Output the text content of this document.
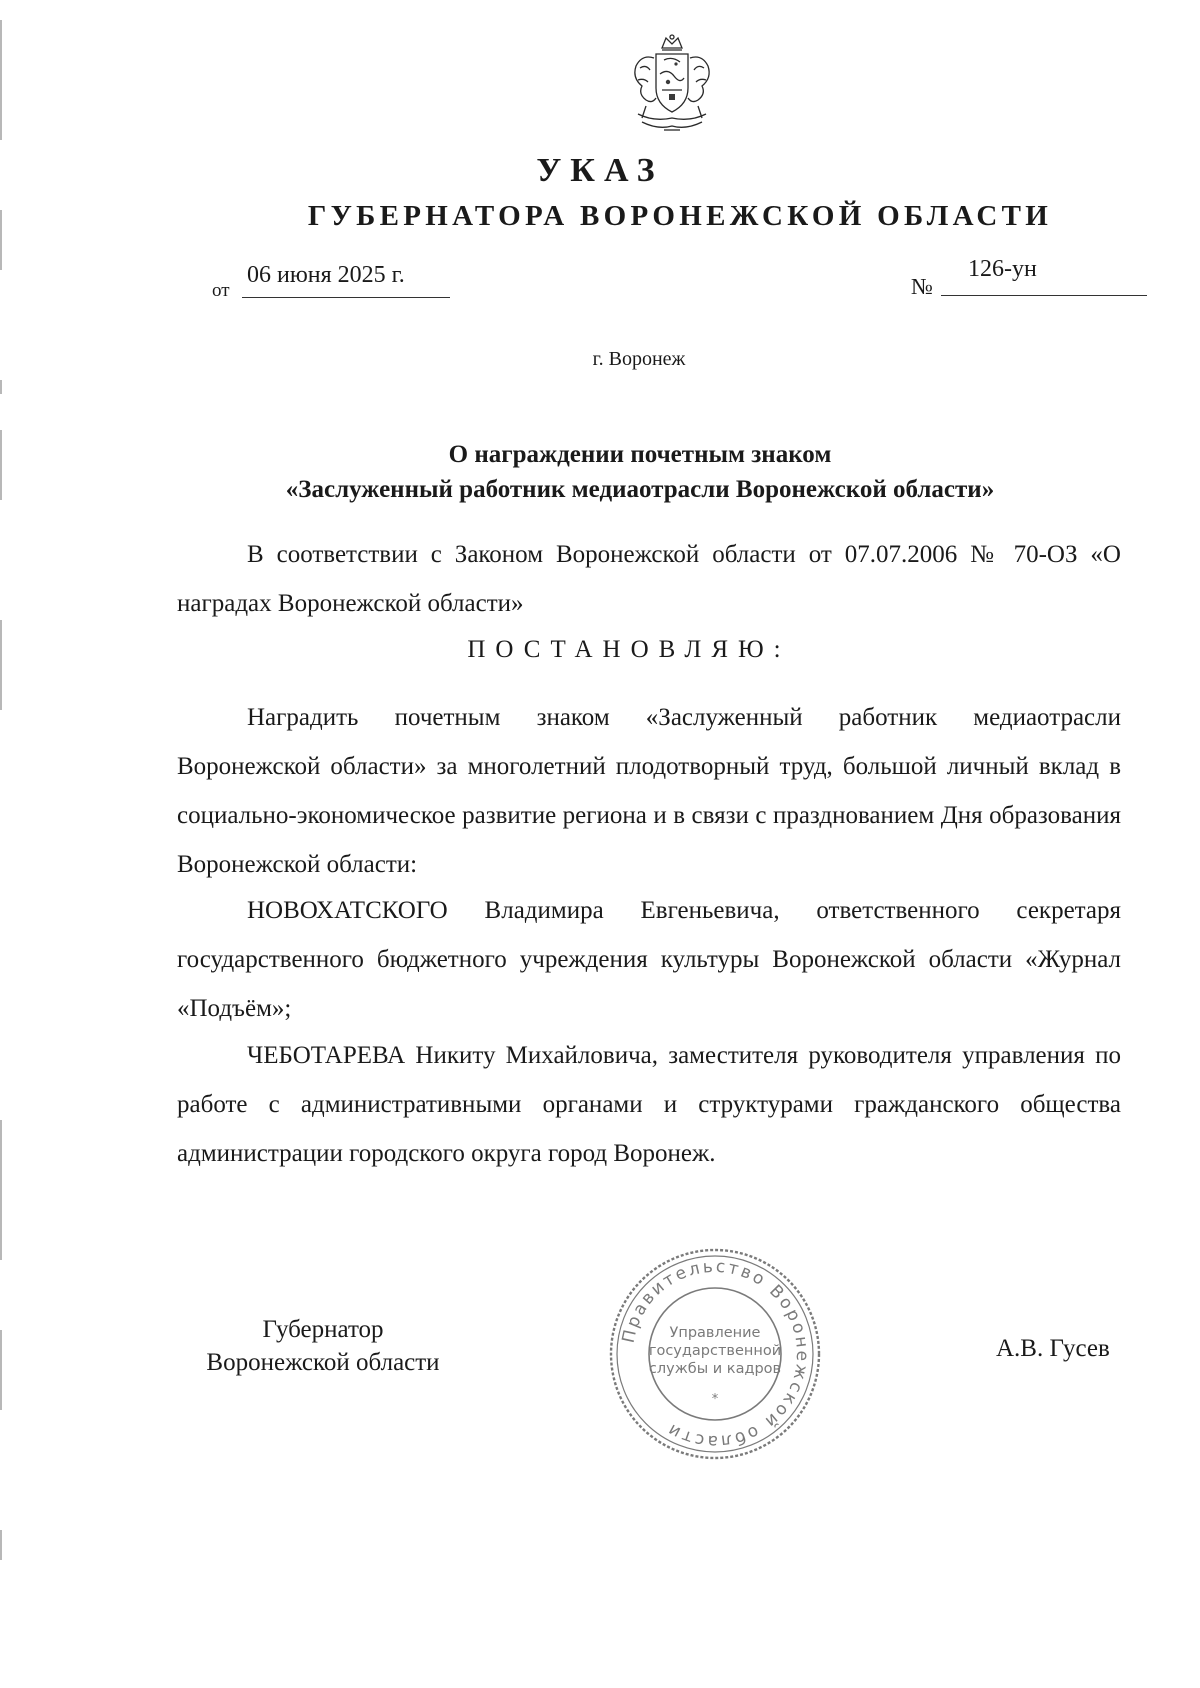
УКАЗ
ГУБЕРНАТОРА ВОРОНЕЖСКОЙ ОБЛАСТИ
от
06 июня 2025 г.	№
126-ун
г. Воронеж
О награждении почетным знаком
«Заслуженный работник медиаотрасли Воронежской области»
В соответствии с Законом Воронежской области от 07.07.2006 № 70-ОЗ «О наградах Воронежской области»
ПОСТАНОВЛЯЮ:
Наградить почетным знаком «Заслуженный работник медиаотрасли Воронежской области» за многолетний плодотворный труд, большой личный вклад в социально-экономическое развитие региона и в связи с празднованием Дня образования Воронежской области:
НОВОХАТСКОГО Владимира Евгеньевича, ответственного секретаря государственного бюджетного учреждения культуры Воронежской области «Журнал «Подъём»;
ЧЕБОТАРЕВА Никиту Михайловича, заместителя руководителя управления по работе с административными органами и структурами гражданского общества администрации городского округа город Воронеж.
Губернатор
Воронежской области
А.В. Гусев
Правительство Воронежской области
*
Управление
государственной
службы и кадров
